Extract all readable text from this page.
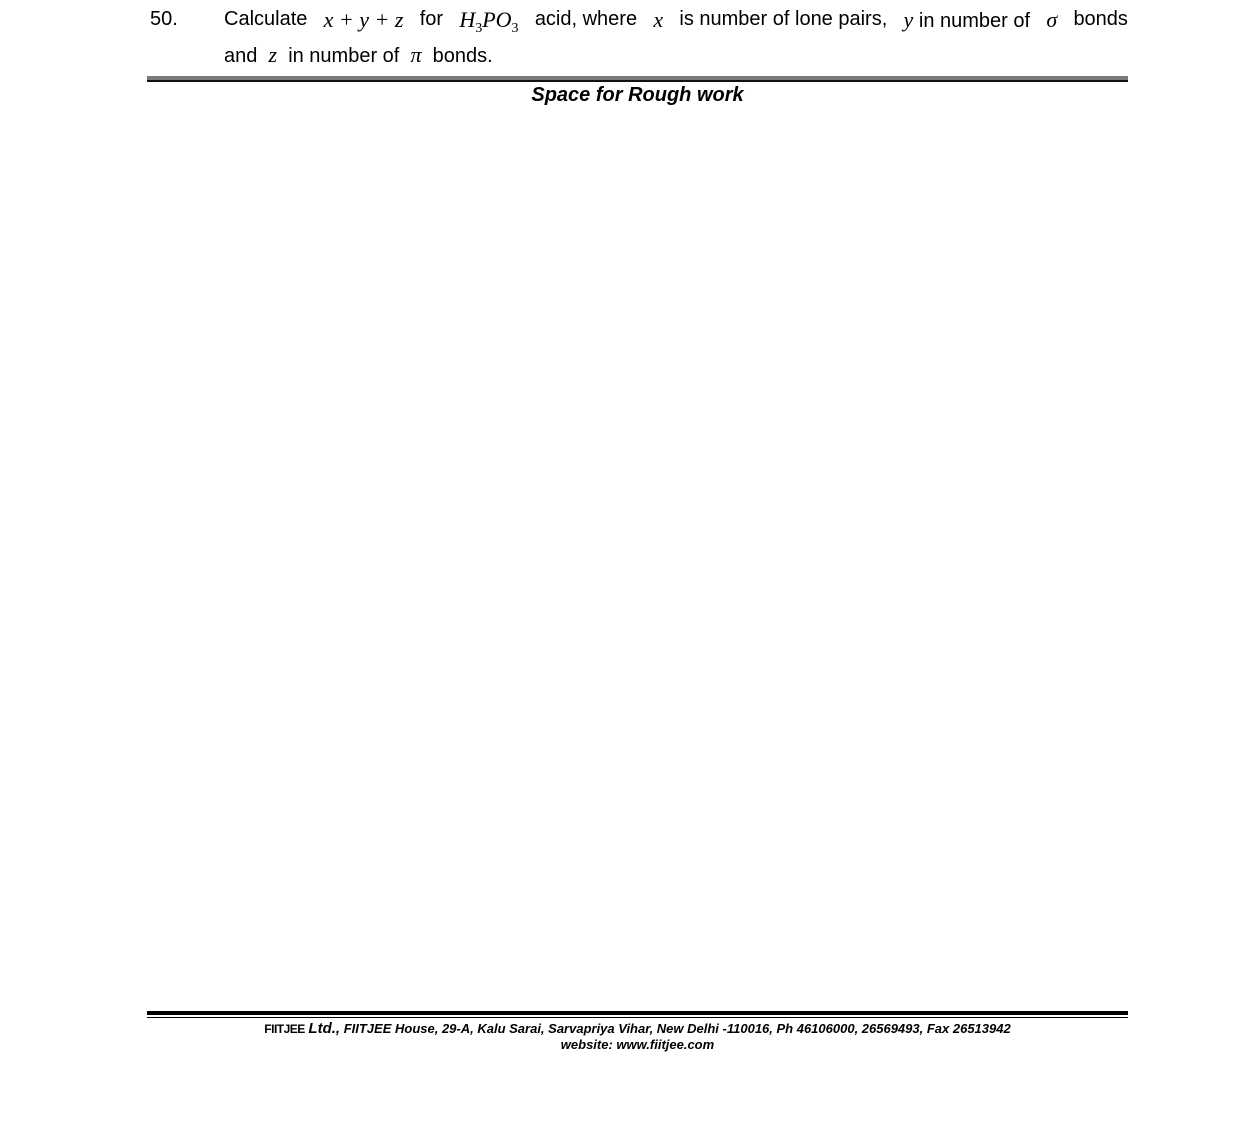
50. Calculate x + y + z for $H_3PO_3$ acid, where x is number of lone pairs, y in number of σ bonds
and z in number of π bonds.
Space for Rough work
FIITJEE Ltd., FIITJEE House, 29-A, Kalu Sarai, Sarvapriya Vihar, New Delhi -110016, Ph 46106000, 26569493, Fax 26513942
website: www.fiitjee.com
